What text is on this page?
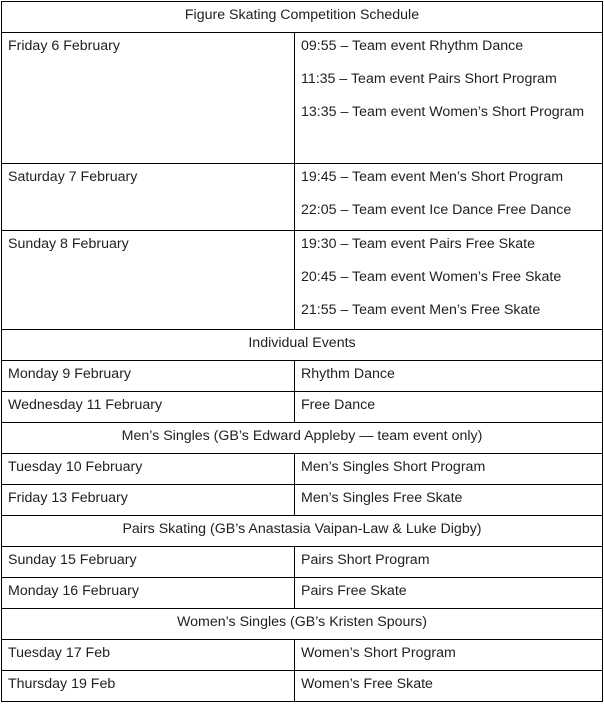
Figure Skating Competition Schedule	
Friday 6 February	09:55 – Team event Rhythm Dance
11:35 – Team event Pairs Short Program
13:35 – Team event Women’s Short Program

Saturday 7 February	19:45 – Team event Men’s Short Program
22:05 – Team event Ice Dance Free Dance

Sunday 8 February	19:30 – Team event Pairs Free Skate
20:45 – Team event Women’s Free Skate
21:55 – Team event Men’s Free Skate

Individual Events	
Monday 9 February	Rhythm Dance
Wednesday 11 February	Free Dance
Men’s Singles (GB’s Edward Appleby — team event only)	
Tuesday 10 February	Men’s Singles Short Program
Friday 13 February	Men’s Singles Free Skate
Pairs Skating (GB’s Anastasia Vaipan-Law & Luke Digby)	
Sunday 15 February	Pairs Short Program
Monday 16 February	Pairs Free Skate
Women’s Singles (GB’s Kristen Spours)	
Tuesday 17 Feb	Women’s Short Program
Thursday 19 Feb	Women’s Free Skate
